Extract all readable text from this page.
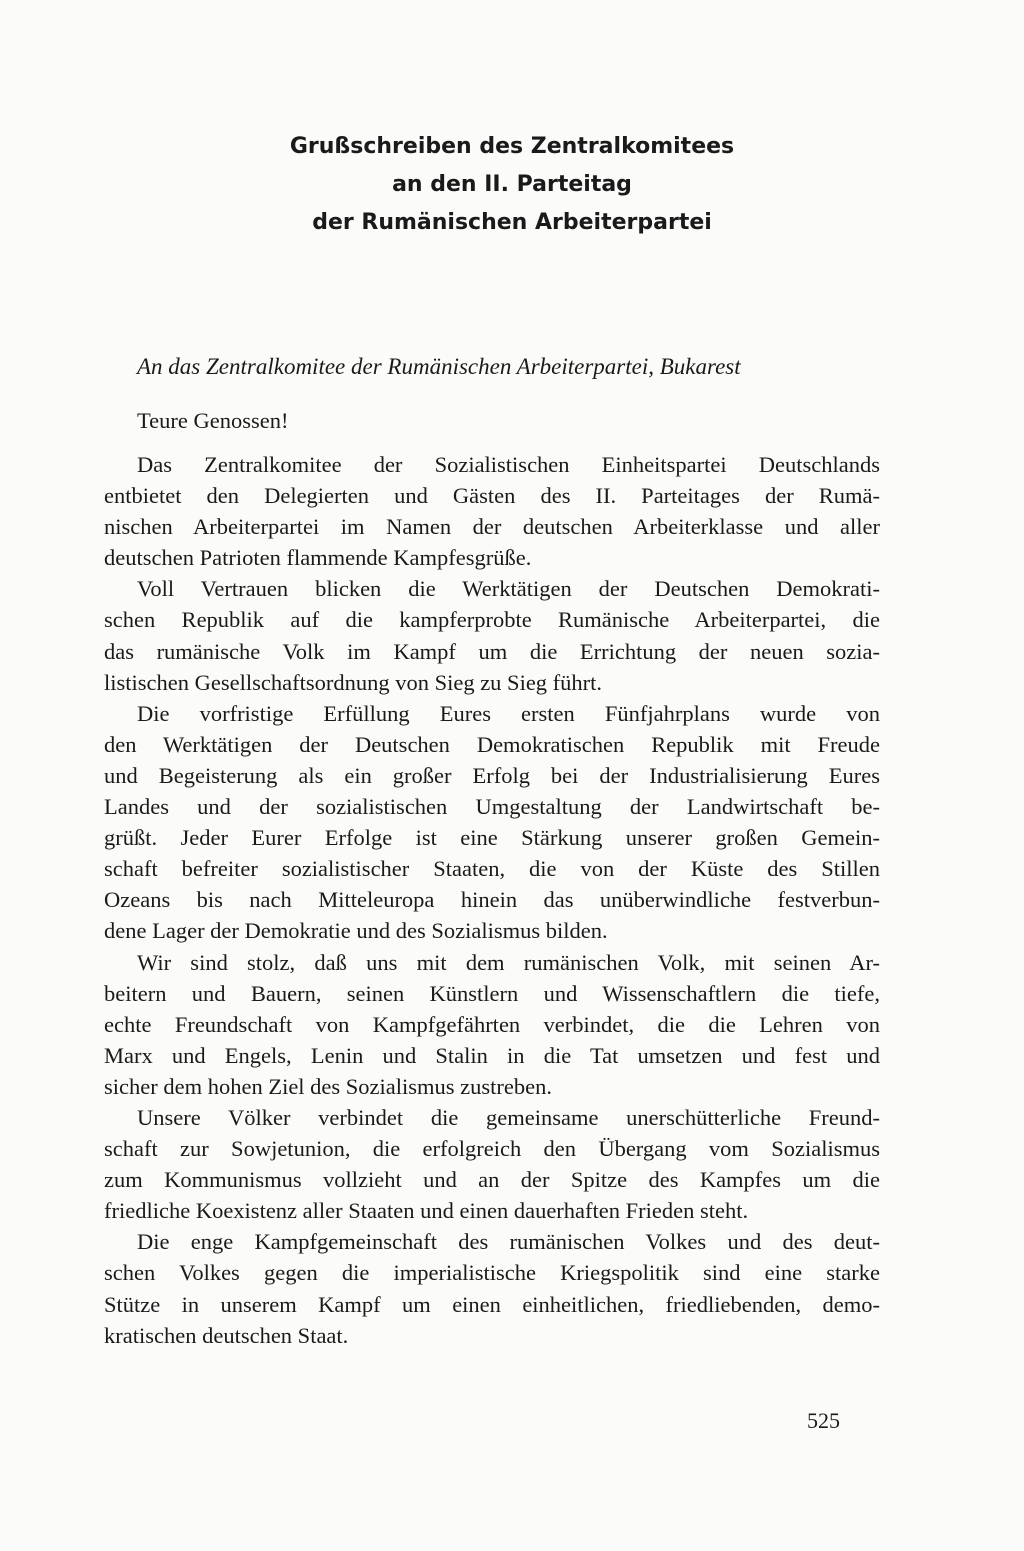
Grußschreiben des Zentralkomitees
an den II. Parteitag
der Rumänischen Arbeiterpartei

An das Zentralkomitee der Rumänischen Arbeiterpartei, Bukarest

Teure Genossen!

Das Zentralkomitee der Sozialistischen Einheitspartei Deutschlands
entbietet den Delegierten und Gästen des II. Parteitages der Rumä-
nischen Arbeiterpartei im Namen der deutschen Arbeiterklasse und aller
deutschen Patrioten flammende Kampfesgrüße.
Voll Vertrauen blicken die Werktätigen der Deutschen Demokrati-
schen Republik auf die kampferprobte Rumänische Arbeiterpartei, die
das rumänische Volk im Kampf um die Errichtung der neuen sozia-
listischen Gesellschaftsordnung von Sieg zu Sieg führt.
Die vorfristige Erfüllung Eures ersten Fünfjahrplans wurde von
den Werktätigen der Deutschen Demokratischen Republik mit Freude
und Begeisterung als ein großer Erfolg bei der Industrialisierung Eures
Landes und der sozialistischen Umgestaltung der Landwirtschaft be-
grüßt. Jeder Eurer Erfolge ist eine Stärkung unserer großen Gemein-
schaft befreiter sozialistischer Staaten, die von der Küste des Stillen
Ozeans bis nach Mitteleuropa hinein das unüberwindliche festverbun-
dene Lager der Demokratie und des Sozialismus bilden.
Wir sind stolz, daß uns mit dem rumänischen Volk, mit seinen Ar-
beitern und Bauern, seinen Künstlern und Wissenschaftlern die tiefe,
echte Freundschaft von Kampfgefährten verbindet, die die Lehren von
Marx und Engels, Lenin und Stalin in die Tat umsetzen und fest und
sicher dem hohen Ziel des Sozialismus zustreben.
Unsere Völker verbindet die gemeinsame unerschütterliche Freund-
schaft zur Sowjetunion, die erfolgreich den Übergang vom Sozialismus
zum Kommunismus vollzieht und an der Spitze des Kampfes um die
friedliche Koexistenz aller Staaten und einen dauerhaften Frieden steht.
Die enge Kampfgemeinschaft des rumänischen Volkes und des deut-
schen Volkes gegen die imperialistische Kriegspolitik sind eine starke
Stütze in unserem Kampf um einen einheitlichen, friedliebenden, demo-
kratischen deutschen Staat.

525
